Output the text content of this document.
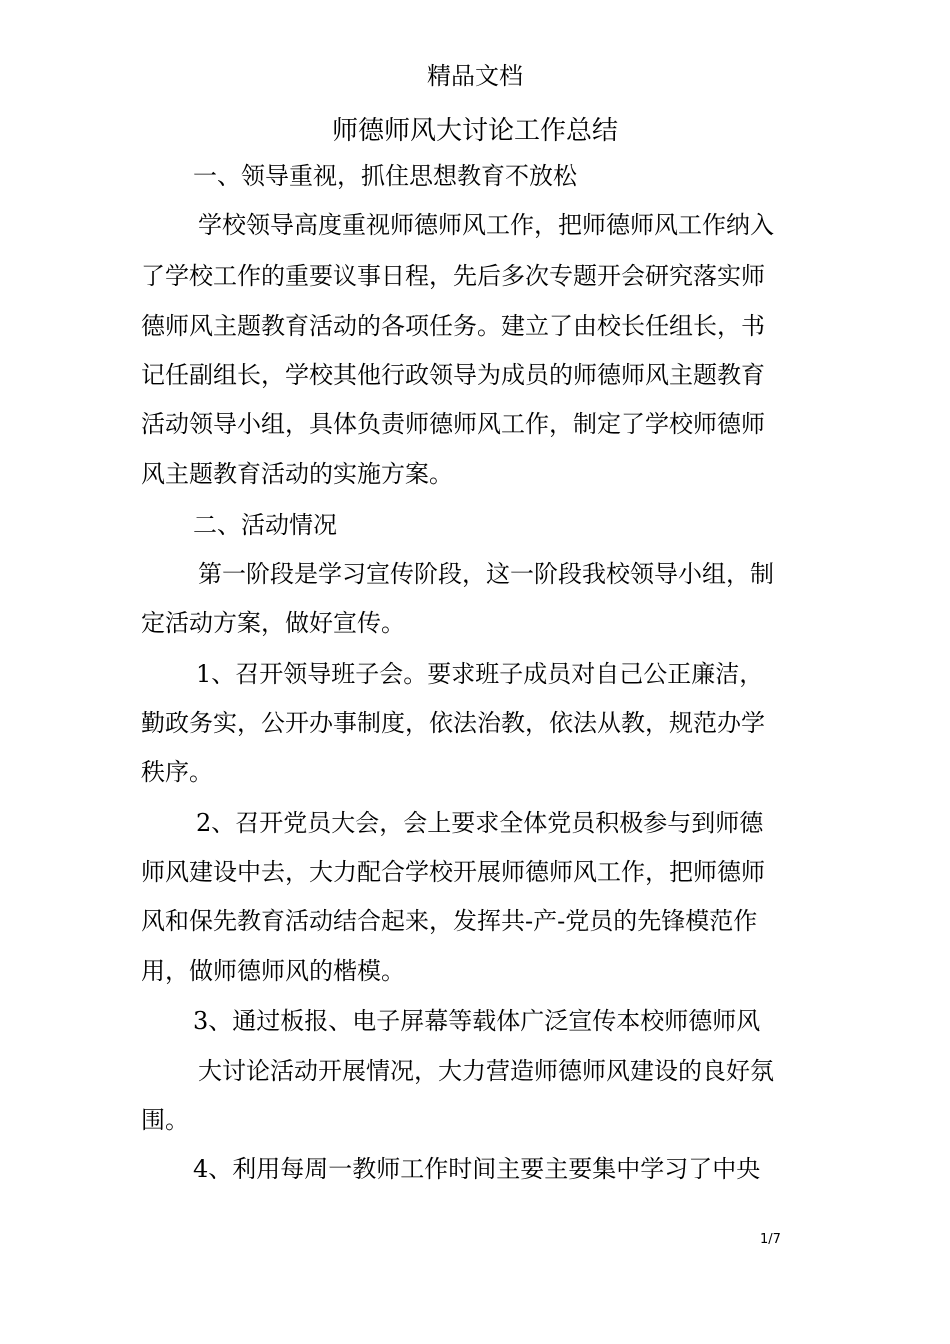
精品文档
师德师风大讨论工作总结
一、领导重视，抓住思想教育不放松
学校领导高度重视师德师风工作，把师德师风工作纳入
了学校工作的重要议事日程，先后多次专题开会研究落实师
德师风主题教育活动的各项任务。建立了由校长任组长，书
记任副组长，学校其他行政领导为成员的师德师风主题教育
活动领导小组，具体负责师德师风工作，制定了学校师德师
风主题教育活动的实施方案。
二、活动情况
第一阶段是学习宣传阶段，这一阶段我校领导小组，制
定活动方案，做好宣传。
1、召开领导班子会。要求班子成员对自己公正廉洁，
勤政务实，公开办事制度，依法治教，依法从教，规范办学
秩序。
2、召开党员大会，会上要求全体党员积极参与到师德
师风建设中去，大力配合学校开展师德师风工作，把师德师
风和保先教育活动结合起来，发挥共-产-党员的先锋模范作
用，做师德师风的楷模。
3、通过板报、电子屏幕等载体广泛宣传本校师德师风
大讨论活动开展情况，大力营造师德师风建设的良好氛
围。
4、利用每周一教师工作时间主要主要集中学习了中央
1/7
